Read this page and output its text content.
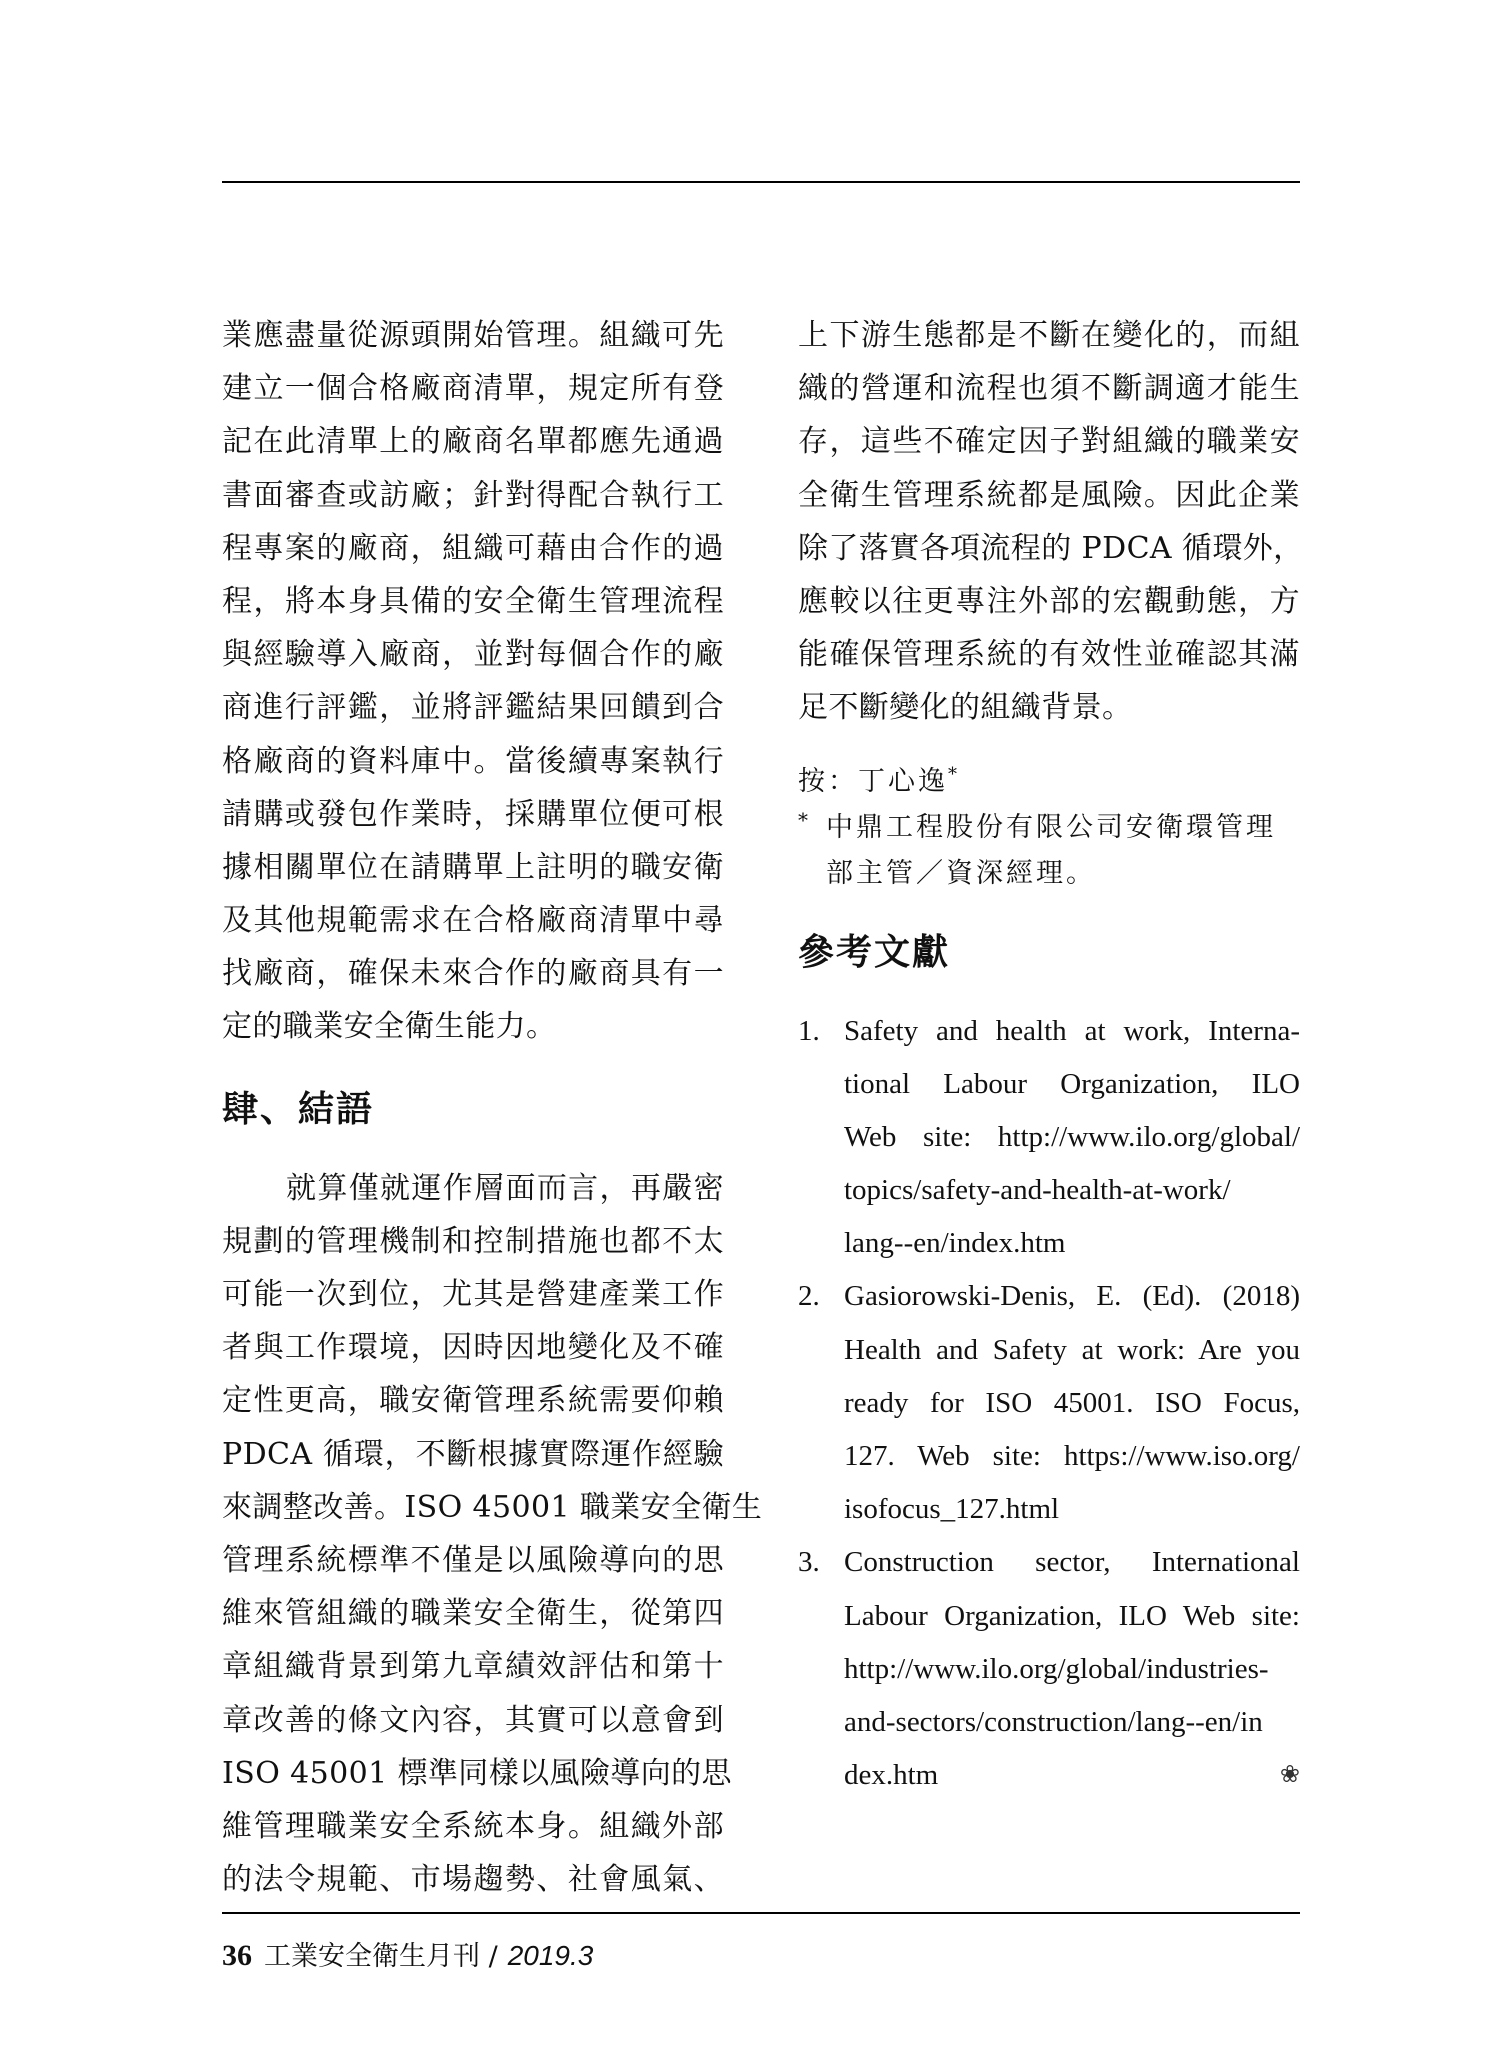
業應盡量從源頭開始管理。組織可先
建立一個合格廠商清單，規定所有登
記在此清單上的廠商名單都應先通過
書面審查或訪廠；針對得配合執行工
程專案的廠商，組織可藉由合作的過
程，將本身具備的安全衛生管理流程
與經驗導入廠商，並對每個合作的廠
商進行評鑑，並將評鑑結果回饋到合
格廠商的資料庫中。當後續專案執行
請購或發包作業時，採購單位便可根
據相關單位在請購單上註明的職安衛
及其他規範需求在合格廠商清單中尋
找廠商，確保未來合作的廠商具有一
定的職業安全衛生能力。
肆、結語
就算僅就運作層面而言，再嚴密
規劃的管理機制和控制措施也都不太
可能一次到位，尤其是營建產業工作
者與工作環境，因時因地變化及不確
定性更高，職安衛管理系統需要仰賴
PDCA 循環，不斷根據實際運作經驗
來調整改善。ISO 45001 職業安全衛生
管理系統標準不僅是以風險導向的思
維來管組織的職業安全衛生，從第四
章組織背景到第九章績效評估和第十
章改善的條文內容，其實可以意會到
ISO 45001 標準同樣以風險導向的思
維管理職業安全系統本身。組織外部
的法令規範、市場趨勢、社會風氣、
上下游生態都是不斷在變化的，而組
織的營運和流程也須不斷調適才能生
存，這些不確定因子對組織的職業安
全衛生管理系統都是風險。因此企業
除了落實各項流程的 PDCA 循環外，
應較以往更專注外部的宏觀動態，方
能確保管理系統的有效性並確認其滿
足不斷變化的組織背景。
按：丁心逸*
* 中鼎工程股份有限公司安衛環管理
部主管／資深經理。
參考文獻
1. Safety and health at work, Interna-
tional Labour Organization, ILO
Web site: http://www.ilo.org/global/
topics/safety-and-health-at-work/
lang--en/index.htm
2. Gasiorowski-Denis, E. (Ed). (2018)
Health and Safety at work: Are you
ready for ISO 45001. ISO Focus,
127. Web site: https://www.iso.org/
isofocus_127.html
3. Construction sector, International
Labour Organization, ILO Web site:
http://www.ilo.org/global/industries-
and-sectors/construction/lang--en/in
dex.htm	❀
36 工業安全衛生月刊 / 2019.3
